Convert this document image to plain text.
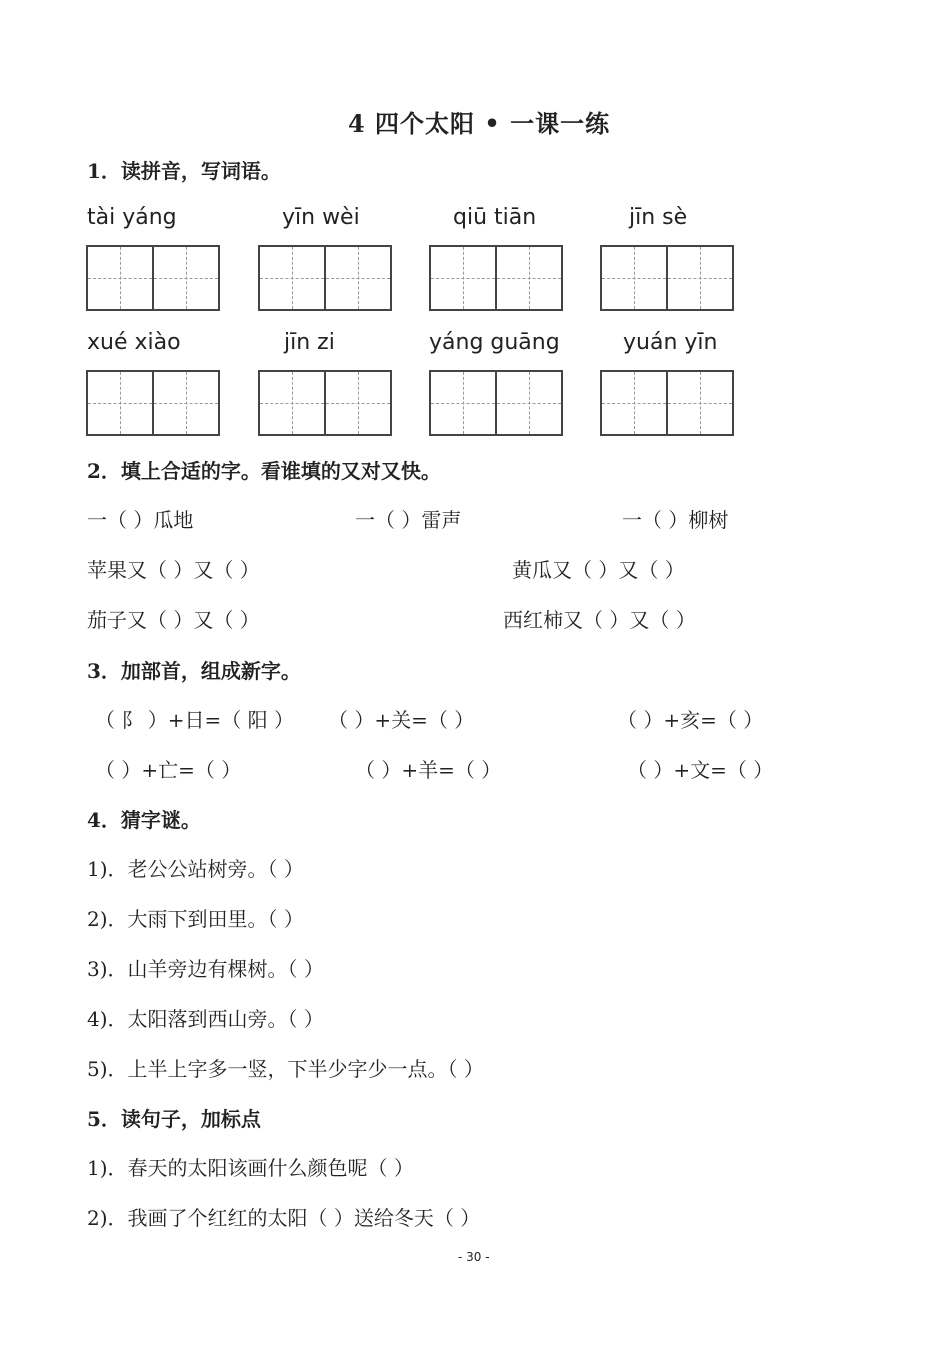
4 四个太阳 • 一课一练
1．读拼音，写词语。
tài yáng	yīn wèi	qiū tiān	jīn sè
xué xiào	jīn zi	yáng guāng	yuán yīn
2．填上合适的字。看谁填的又对又快。
一（ ）瓜地	一（ ）雷声	一（ ）柳树
苹果又（ ）又（ ）	黄瓜又（ ）又（ ）
茄子又（ ）又（ ）	西红柿又（ ）又（ ）
3．加部首，组成新字。
（ 阝 ）+日=（ 阳 ） （ ）+关=（ ）	（ ）+亥=（ ）
（ ）+亡=（ ）	（ ）+羊=（ ）	（ ）+文=（ ）
4．猜字谜。
1)．老公公站树旁。（ ）
2)．大雨下到田里。（ ）
3)．山羊旁边有棵树。（ ）
4)．太阳落到西山旁。（ ）
5)．上半上字多一竖，下半少字少一点。（ ）
5．读句子，加标点
1)．春天的太阳该画什么颜色呢（ ）
2)．我画了个红红的太阳（ ）送给冬天（ ）
- 30 -
